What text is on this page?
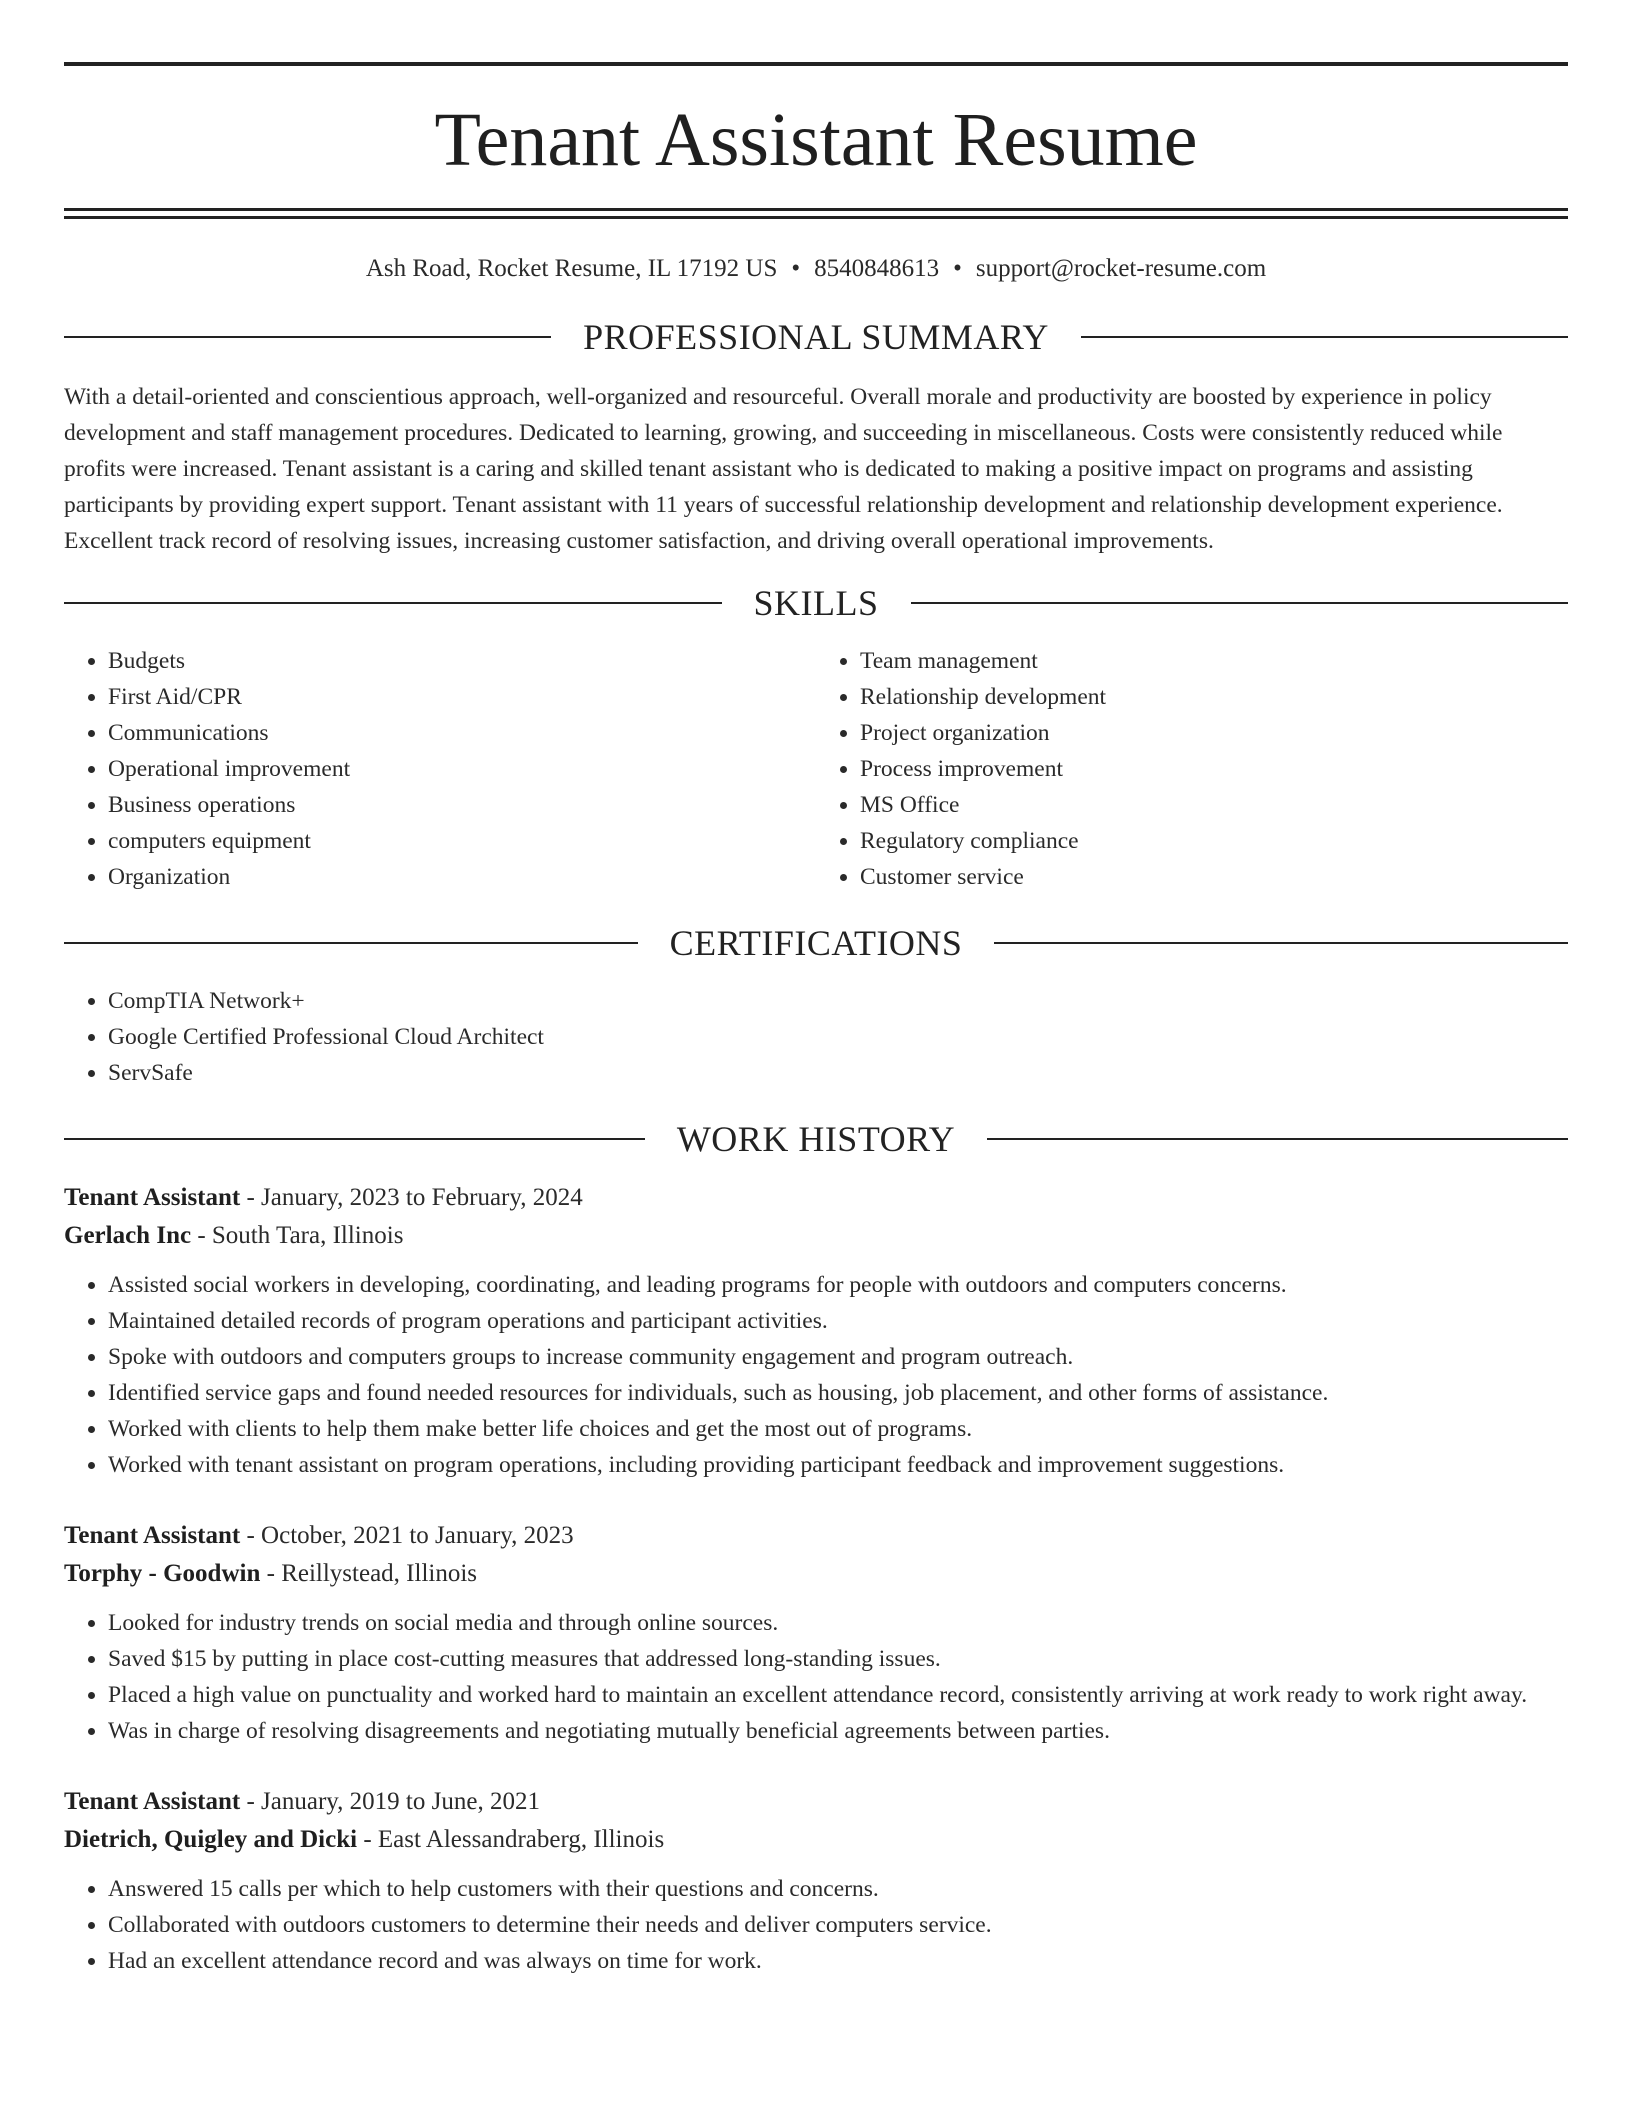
Tenant Assistant Resume
Ash Road, Rocket Resume, IL 17192 US • 8540848613 • support@rocket-resume.com
PROFESSIONAL SUMMARY

With a detail-oriented and conscientious approach, well-organized and resourceful. Overall morale and productivity are boosted by experience in policy development and staff management procedures. Dedicated to learning, growing, and succeeding in miscellaneous. Costs were consistently reduced while profits were increased. Tenant assistant is a caring and skilled tenant assistant who is dedicated to making a positive impact on programs and assisting participants by providing expert support. Tenant assistant with 11 years of successful relationship development and relationship development experience. Excellent track record of resolving issues, increasing customer satisfaction, and driving overall operational improvements.

SKILLS
• Budgets
• First Aid/CPR
• Communications
• Operational improvement
• Business operations
• computers equipment
• Organization
• Team management
• Relationship development
• Project organization
• Process improvement
• MS Office
• Regulatory compliance
• Customer service
CERTIFICATIONS
• CompTIA Network+
• Google Certified Professional Cloud Architect
• ServSafe
WORK HISTORY
Tenant Assistant - January, 2023 to February, 2024
Gerlach Inc - South Tara, Illinois
• Assisted social workers in developing, coordinating, and leading programs for people with outdoors and computers concerns.
• Maintained detailed records of program operations and participant activities.
• Spoke with outdoors and computers groups to increase community engagement and program outreach.
• Identified service gaps and found needed resources for individuals, such as housing, job placement, and other forms of assistance.
• Worked with clients to help them make better life choices and get the most out of programs.
• Worked with tenant assistant on program operations, including providing participant feedback and improvement suggestions.
Tenant Assistant - October, 2021 to January, 2023
Torphy - Goodwin - Reillystead, Illinois
• Looked for industry trends on social media and through online sources.
• Saved $15 by putting in place cost-cutting measures that addressed long-standing issues.
• Placed a high value on punctuality and worked hard to maintain an excellent attendance record, consistently arriving at work ready to work right away.
• Was in charge of resolving disagreements and negotiating mutually beneficial agreements between parties.
Tenant Assistant - January, 2019 to June, 2021
Dietrich, Quigley and Dicki - East Alessandraberg, Illinois
• Answered 15 calls per which to help customers with their questions and concerns.
• Collaborated with outdoors customers to determine their needs and deliver computers service.
• Had an excellent attendance record and was always on time for work.
